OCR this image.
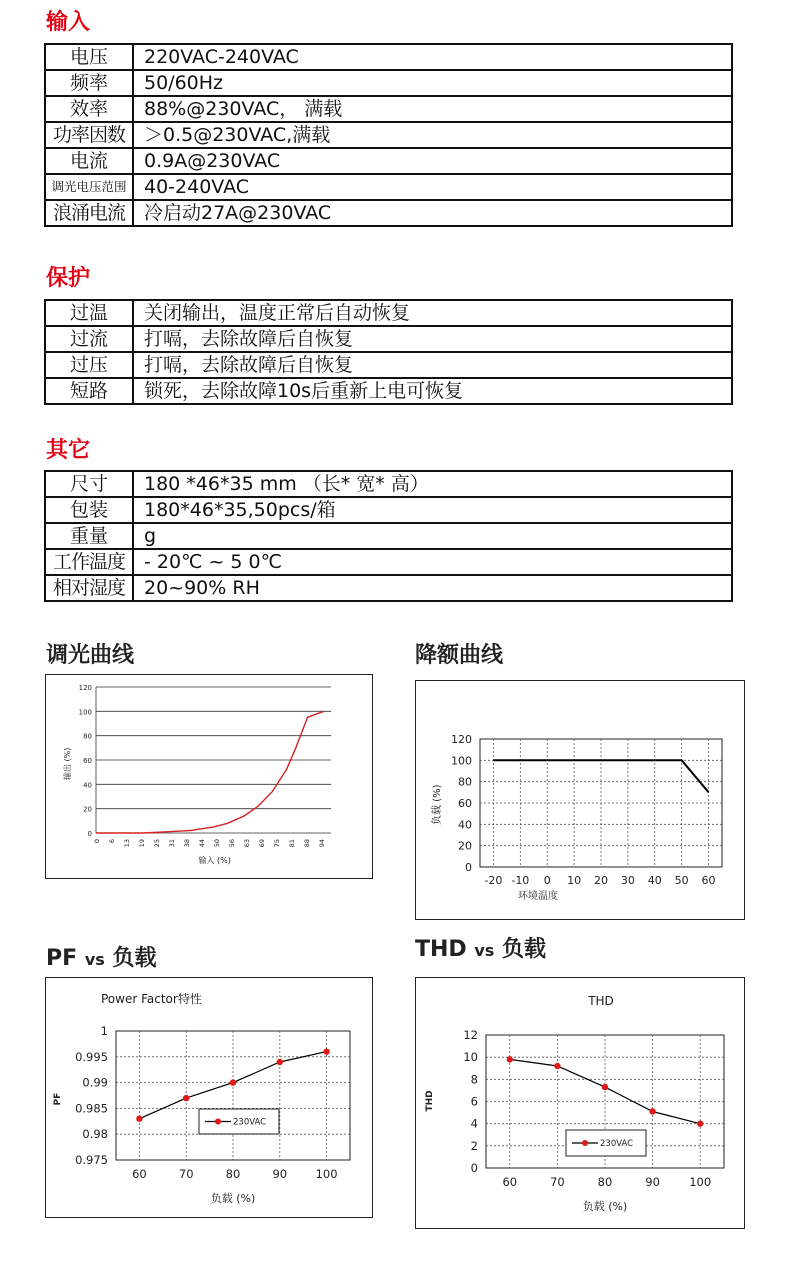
输入
电压	220VAC-240VAC
频率	50/60Hz
效率	88%@230VAC， 满载
功率因数	＞0.5@230VAC,满载
电流	0.9A@230VAC
调光电压范围	40-240VAC
浪涌电流	冷启动27A@230VAC
保护
过温	关闭输出，温度正常后自动恢复
过流	打嗝，去除故障后自恢复
过压	打嗝，去除故障后自恢复
短路	锁死，去除故障10s后重新上电可恢复
其它
尺寸	180 *46*35 mm （长* 宽* 高）
包装	180*46*35,50pcs/箱
重量	g
工作温度	- 20℃ ~ 5 0℃
相对湿度	20~90% RH
调光曲线	降额曲线
PF vs 负载	THD vs 负载
0
20
40
60
80
100
120
0 6 13 19 25 31 38 44 50 56 63 69 75 81 88 94
输入 (%)
输出 (%)
0
20
40
60
80
100
120
-20 -10 0 10 20 30 40 50 60
环境温度
负载 (%)
Power Factor特性
0.975
0.98
0.985
0.99
0.995
1
60	70	80	90 100
负载 (%)
PF
230VAC
THD
0
2
4
6
8
10
12
60	70	80	90	100
负载 (%)
THD
230VAC
